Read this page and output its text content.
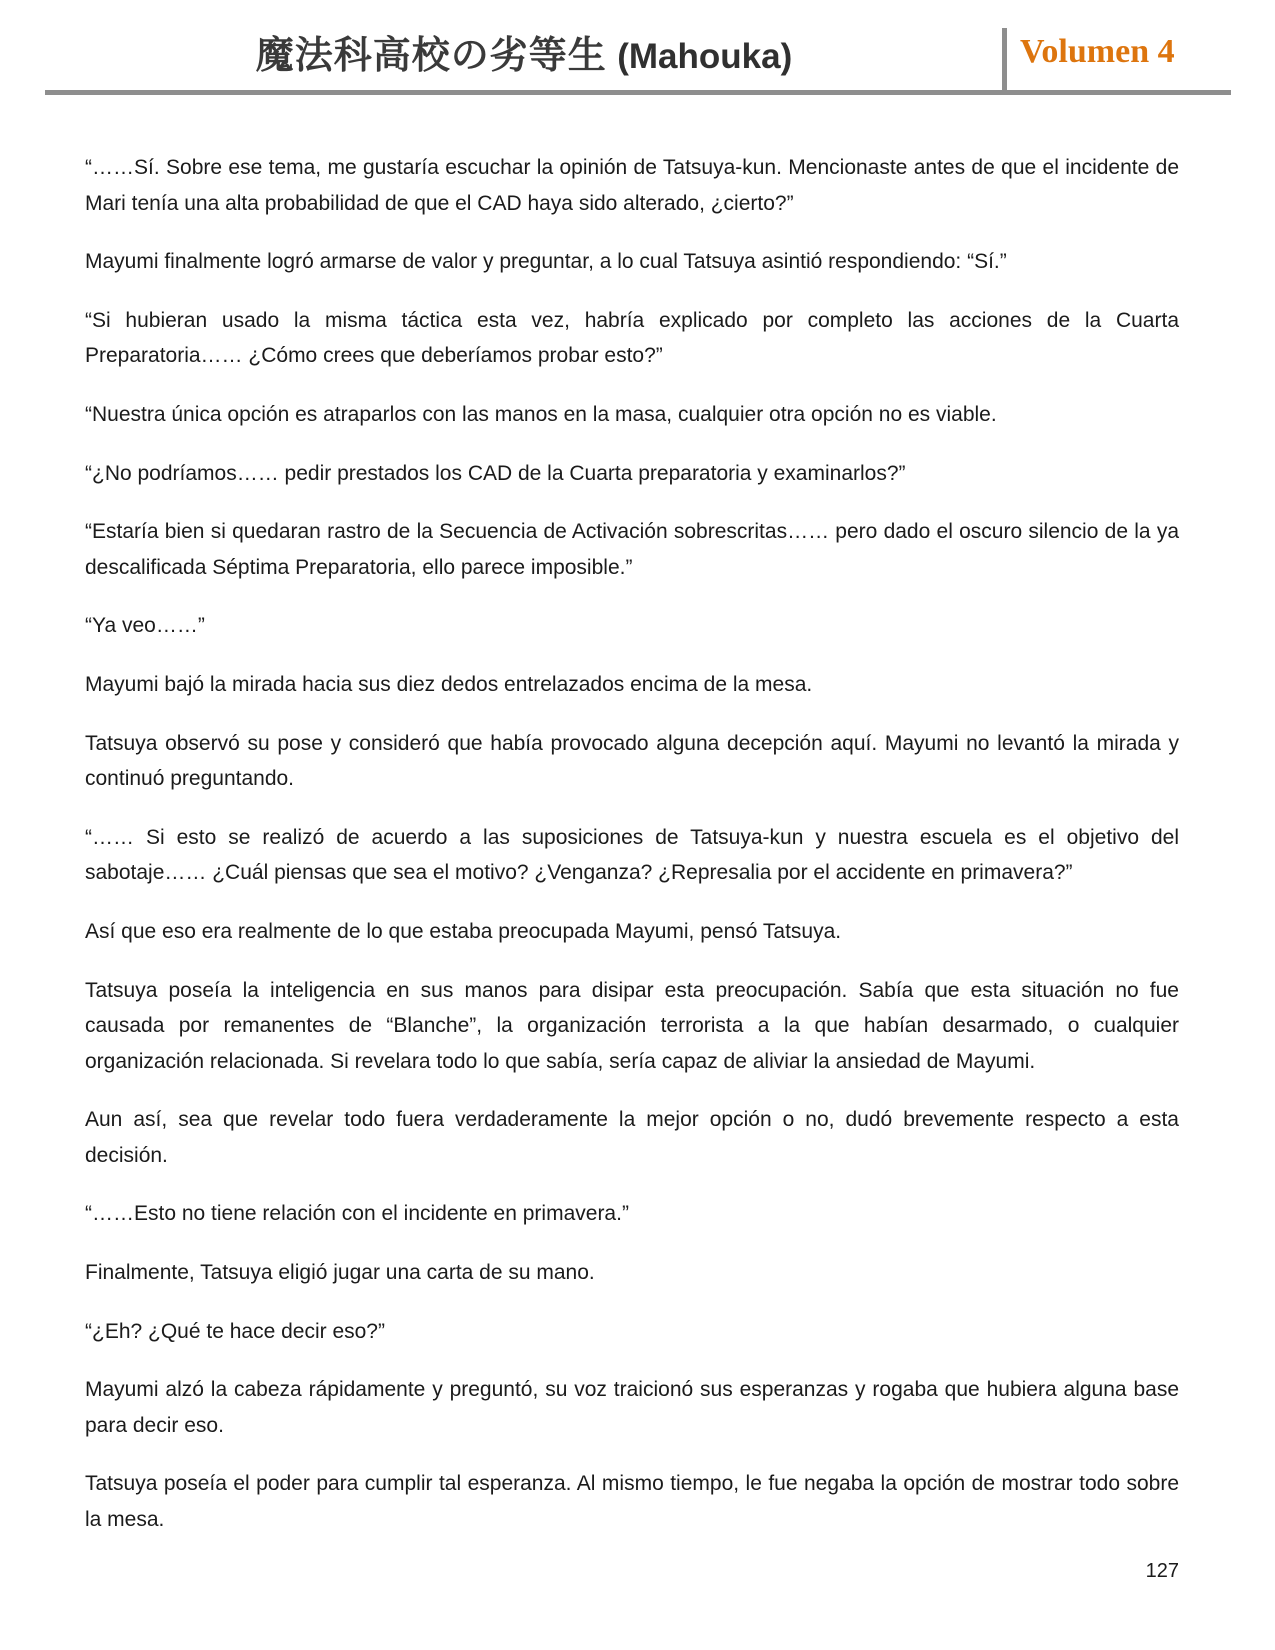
魔法科高校の劣等生 (Mahouka)	Volumen 4

“……Sí. Sobre ese tema, me gustaría escuchar la opinión de Tatsuya-kun. Mencionaste antes de que el incidente de Mari tenía una alta probabilidad de que el CAD haya sido alterado, ¿cierto?”

Mayumi finalmente logró armarse de valor y preguntar, a lo cual Tatsuya asintió respondiendo: “Sí.”

“Si hubieran usado la misma táctica esta vez, habría explicado por completo las acciones de la Cuarta Preparatoria…… ¿Cómo crees que deberíamos probar esto?”

“Nuestra única opción es atraparlos con las manos en la masa, cualquier otra opción no es viable.

“¿No podríamos…… pedir prestados los CAD de la Cuarta preparatoria y examinarlos?”

“Estaría bien si quedaran rastro de la Secuencia de Activación sobrescritas…… pero dado el oscuro silencio de la ya descalificada Séptima Preparatoria, ello parece imposible.”

“Ya veo……”

Mayumi bajó la mirada hacia sus diez dedos entrelazados encima de la mesa.

Tatsuya observó su pose y consideró que había provocado alguna decepción aquí. Mayumi no levantó la mirada y continuó preguntando.

“…… Si esto se realizó de acuerdo a las suposiciones de Tatsuya-kun y nuestra escuela es el objetivo del sabotaje…… ¿Cuál piensas que sea el motivo? ¿Venganza? ¿Represalia por el accidente en primavera?”

Así que eso era realmente de lo que estaba preocupada Mayumi, pensó Tatsuya.

Tatsuya poseía la inteligencia en sus manos para disipar esta preocupación. Sabía que esta situación no fue causada por remanentes de “Blanche”, la organización terrorista a la que habían desarmado, o cualquier organización relacionada. Si revelara todo lo que sabía, sería capaz de aliviar la ansiedad de Mayumi.

Aun así, sea que revelar todo fuera verdaderamente la mejor opción o no, dudó brevemente respecto a esta decisión.

“……Esto no tiene relación con el incidente en primavera.”

Finalmente, Tatsuya eligió jugar una carta de su mano.

“¿Eh? ¿Qué te hace decir eso?”

Mayumi alzó la cabeza rápidamente y preguntó, su voz traicionó sus esperanzas y rogaba que hubiera alguna base para decir eso.

Tatsuya poseía el poder para cumplir tal esperanza. Al mismo tiempo, le fue negaba la opción de mostrar todo sobre la mesa.

127
